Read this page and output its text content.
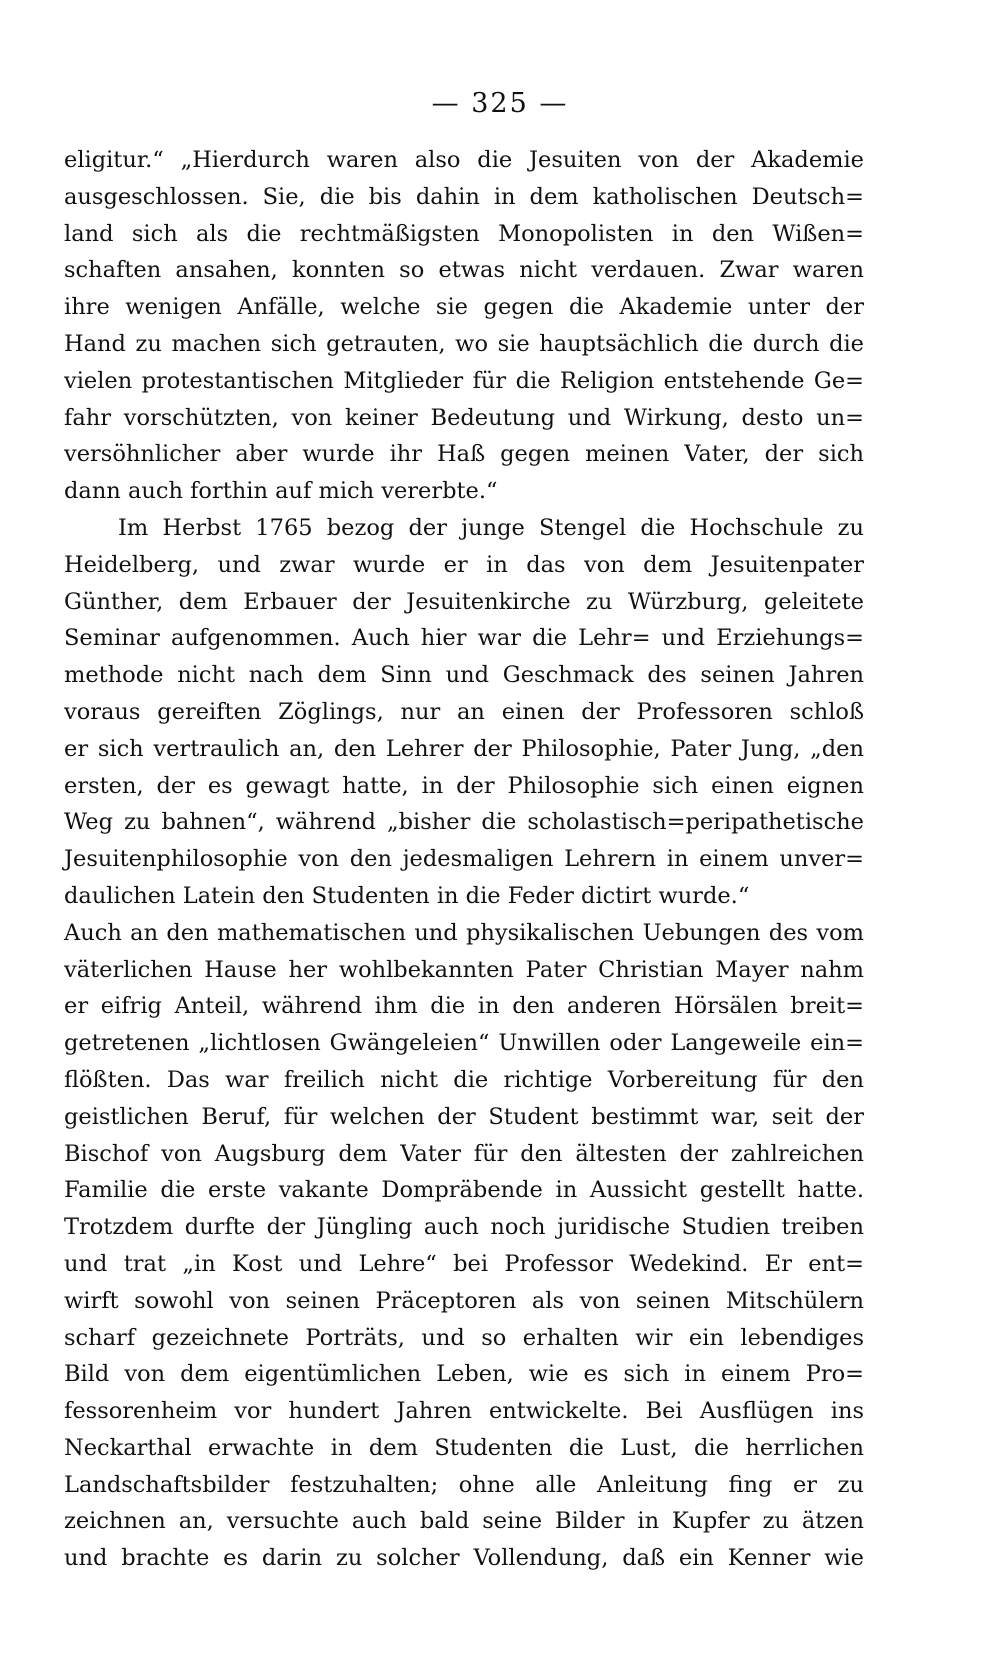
— 325 —
eligitur.“ „Hierdurch waren also die Jesuiten von der Akademie
ausgeschlossen. Sie, die bis dahin in dem katholischen Deutsch=
land sich als die rechtmäßigsten Monopolisten in den Wißen=
schaften ansahen, konnten so etwas nicht verdauen. Zwar waren
ihre wenigen Anfälle, welche sie gegen die Akademie unter der
Hand zu machen sich getrauten, wo sie hauptsächlich die durch die
vielen protestantischen Mitglieder für die Religion entstehende Ge=
fahr vorschützten, von keiner Bedeutung und Wirkung, desto un=
versöhnlicher aber wurde ihr Haß gegen meinen Vater, der sich
dann auch forthin auf mich vererbte.“
Im Herbst 1765 bezog der junge Stengel die Hochschule zu
Heidelberg, und zwar wurde er in das von dem Jesuitenpater
Günther, dem Erbauer der Jesuitenkirche zu Würzburg, geleitete
Seminar aufgenommen. Auch hier war die Lehr= und Erziehungs=
methode nicht nach dem Sinn und Geschmack des seinen Jahren
voraus gereiften Zöglings, nur an einen der Professoren schloß
er sich vertraulich an, den Lehrer der Philosophie, Pater Jung, „den
ersten, der es gewagt hatte, in der Philosophie sich einen eignen
Weg zu bahnen“, während „bisher die scholastisch=peripathetische
Jesuitenphilosophie von den jedesmaligen Lehrern in einem unver=
daulichen Latein den Studenten in die Feder dictirt wurde.“
Auch an den mathematischen und physikalischen Uebungen des vom
väterlichen Hause her wohlbekannten Pater Christian Mayer nahm
er eifrig Anteil, während ihm die in den anderen Hörsälen breit=
getretenen „lichtlosen Gwängeleien“ Unwillen oder Langeweile ein=
flößten. Das war freilich nicht die richtige Vorbereitung für den
geistlichen Beruf, für welchen der Student bestimmt war, seit der
Bischof von Augsburg dem Vater für den ältesten der zahlreichen
Familie die erste vakante Dompräbende in Aussicht gestellt hatte.
Trotzdem durfte der Jüngling auch noch juridische Studien treiben
und trat „in Kost und Lehre“ bei Professor Wedekind. Er ent=
wirft sowohl von seinen Präceptoren als von seinen Mitschülern
scharf gezeichnete Porträts, und so erhalten wir ein lebendiges
Bild von dem eigentümlichen Leben, wie es sich in einem Pro=
fessorenheim vor hundert Jahren entwickelte. Bei Ausflügen ins
Neckarthal erwachte in dem Studenten die Lust, die herrlichen
Landschaftsbilder festzuhalten; ohne alle Anleitung fing er zu
zeichnen an, versuchte auch bald seine Bilder in Kupfer zu ätzen
und brachte es darin zu solcher Vollendung, daß ein Kenner wie
